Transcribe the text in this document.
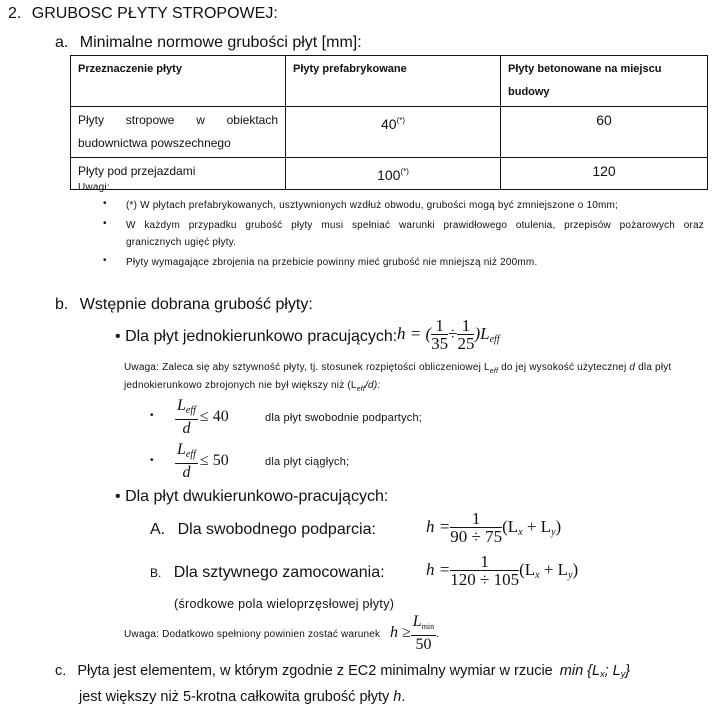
2. GRUBOSC PŁYTY STROPOWEJ:
a. Minimalne normowe grubości płyt [mm]:
Przeznaczenie płyty	Płyty prefabrykowane	Płyty betonowane na miejscu budowy

Płyty stropowe w obiektach budownictwa powszechnego	40(*)	60
Płyty pod przejazdami	100(*)	120
Uwagi:
• (*) W płytach prefabrykowanych, usztywnionych wzdłuż obwodu, grubości mogą być zmniejszone o 10mm;
• W każdym przypadku grubość płyty musi spełniać warunki prawidłowego otulenia, przepisów pożarowych oraz
granicznych ugięć płyty.
• Płyty wymagające zbrojenia na przebicie powinny mieć grubość nie mniejszą niż 200mm.
b. Wstępnie dobrana grubość płyty:
• Dla płyt jednokierunkowo pracujących: h = ( $\frac{1}{35} \div \frac{1}{25} )L_{eff}$
Uwaga: Zaleca się aby sztywność płyty, tj. stosunek rozpiętości obliczeniowej $L_{eff}$ do jej wysokość użytecznej d dla płyt
jednokierunkowo zbrojonych nie był większy niż $(L_{eff}/d)$:
• $\frac{L_{eff}}{d} \le 40$	dla płyt swobodnie podpartych;
• $\frac{L_{eff}}{d} \le 50$	dla płyt ciągłych;
• Dla płyt dwukierunkowo-pracujących:
A. Dla swobodnego podparcia:	$h = \frac{1}{90 \div 75} (L_x + L_y)$
B. Dla sztywnego zamocowania: $h = \frac{1}{120 \div 105} (L_x + L_y)$
(środkowe pola wieloprzęsłowej płyty)
Uwaga: Dodatkowo spełniony powinien zostać warunek $h \ge \frac{L_{min}}{50}$ .
c. Płyta jest elementem, w którym zgodnie z EC2 minimalny wymiar w rzucie min {Lx; Ly}
jest większy niż 5-krotna całkowita grubość płyty h.
